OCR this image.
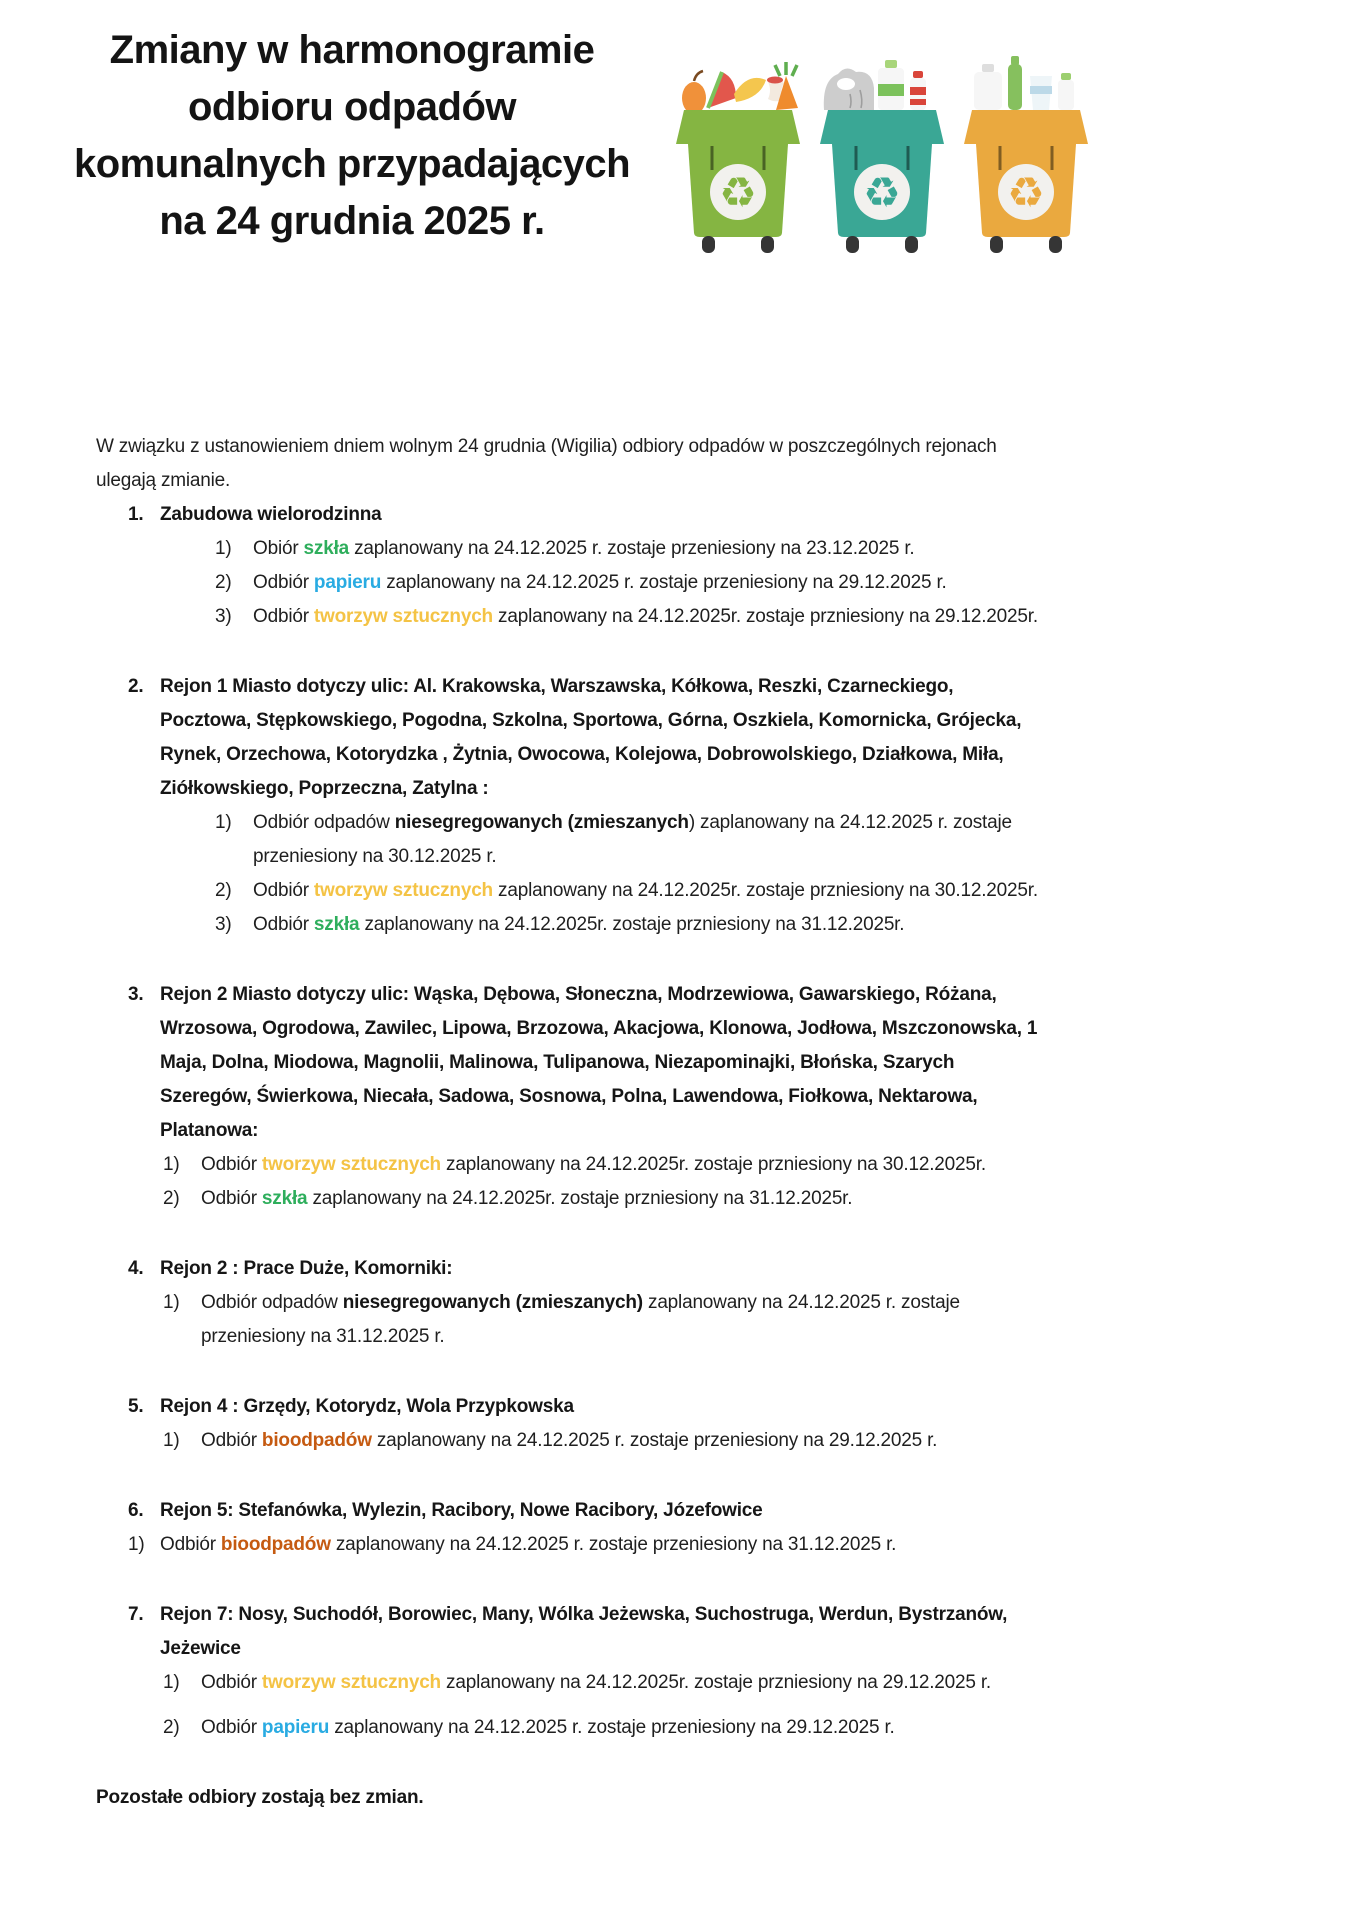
Zmiany w harmonogramie
odbioru odpadów
komunalnych przypadających
na 24 grudnia 2025 r.
♻	♻	♻

W związku z ustanowieniem dniem wolnym 24 grudnia (Wigilia) odbiory odpadów w poszczególnych rejonach ulegają zmianie.

1. Zabudowa wielorodzinna
1)	Obiór szkła zaplanowany na 24.12.2025 r. zostaje przeniesiony na 23.12.2025 r.
2)	Odbiór papieru zaplanowany na 24.12.2025 r. zostaje przeniesiony na 29.12.2025 r.
3)	Odbiór tworzyw sztucznych zaplanowany na 24.12.2025r. zostaje przniesiony na 29.12.2025r.
2. Rejon 1 Miasto dotyczy ulic: Al. Krakowska, Warszawska, Kółkowa, Reszki, Czarneckiego, Pocztowa, Stępkowskiego, Pogodna, Szkolna, Sportowa, Górna, Oszkiela, Komornicka, Grójecka, Rynek, Orzechowa, Kotorydzka , Żytnia, Owocowa, Kolejowa, Dobrowolskiego, Działkowa, Miła, Ziółkowskiego, Poprzeczna, Zatylna :
1)	Odbiór odpadów niesegregowanych (zmieszanych) zaplanowany na 24.12.2025 r. zostaje przeniesiony na 30.12.2025 r.
2)	Odbiór tworzyw sztucznych zaplanowany na 24.12.2025r. zostaje przniesiony na 30.12.2025r.
3)	Odbiór szkła zaplanowany na 24.12.2025r. zostaje przniesiony na 31.12.2025r.
3. Rejon 2 Miasto dotyczy ulic: Wąska, Dębowa, Słoneczna, Modrzewiowa, Gawarskiego, Różana, Wrzosowa, Ogrodowa, Zawilec, Lipowa, Brzozowa, Akacjowa, Klonowa, Jodłowa, Mszczonowska, 1 Maja, Dolna, Miodowa, Magnolii, Malinowa, Tulipanowa, Niezapominajki, Błońska, Szarych Szeregów, Świerkowa, Niecała, Sadowa, Sosnowa, Polna, Lawendowa, Fiołkowa, Nektarowa, Platanowa:
1)	Odbiór tworzyw sztucznych zaplanowany na 24.12.2025r. zostaje przniesiony na 30.12.2025r.
2)	Odbiór szkła zaplanowany na 24.12.2025r. zostaje przniesiony na 31.12.2025r.
4. Rejon 2 : Prace Duże, Komorniki:
1)	Odbiór odpadów niesegregowanych (zmieszanych) zaplanowany na 24.12.2025 r. zostaje przeniesiony na 31.12.2025 r.
5. Rejon 4 : Grzędy, Kotorydz, Wola Przypkowska
1)	Odbiór bioodpadów zaplanowany na 24.12.2025 r. zostaje przeniesiony na 29.12.2025 r.
6. Rejon 5: Stefanówka, Wylezin, Racibory, Nowe Racibory, Józefowice
1) Odbiór bioodpadów zaplanowany na 24.12.2025 r. zostaje przeniesiony na 31.12.2025 r.
7. Rejon 7: Nosy, Suchodół, Borowiec, Many, Wólka Jeżewska, Suchostruga, Werdun, Bystrzanów, Jeżewice
1)	Odbiór tworzyw sztucznych zaplanowany na 24.12.2025r. zostaje przniesiony na 29.12.2025 r.
2)	Odbiór papieru zaplanowany na 24.12.2025 r. zostaje przeniesiony na 29.12.2025 r.

Pozostałe odbiory zostają bez zmian.
